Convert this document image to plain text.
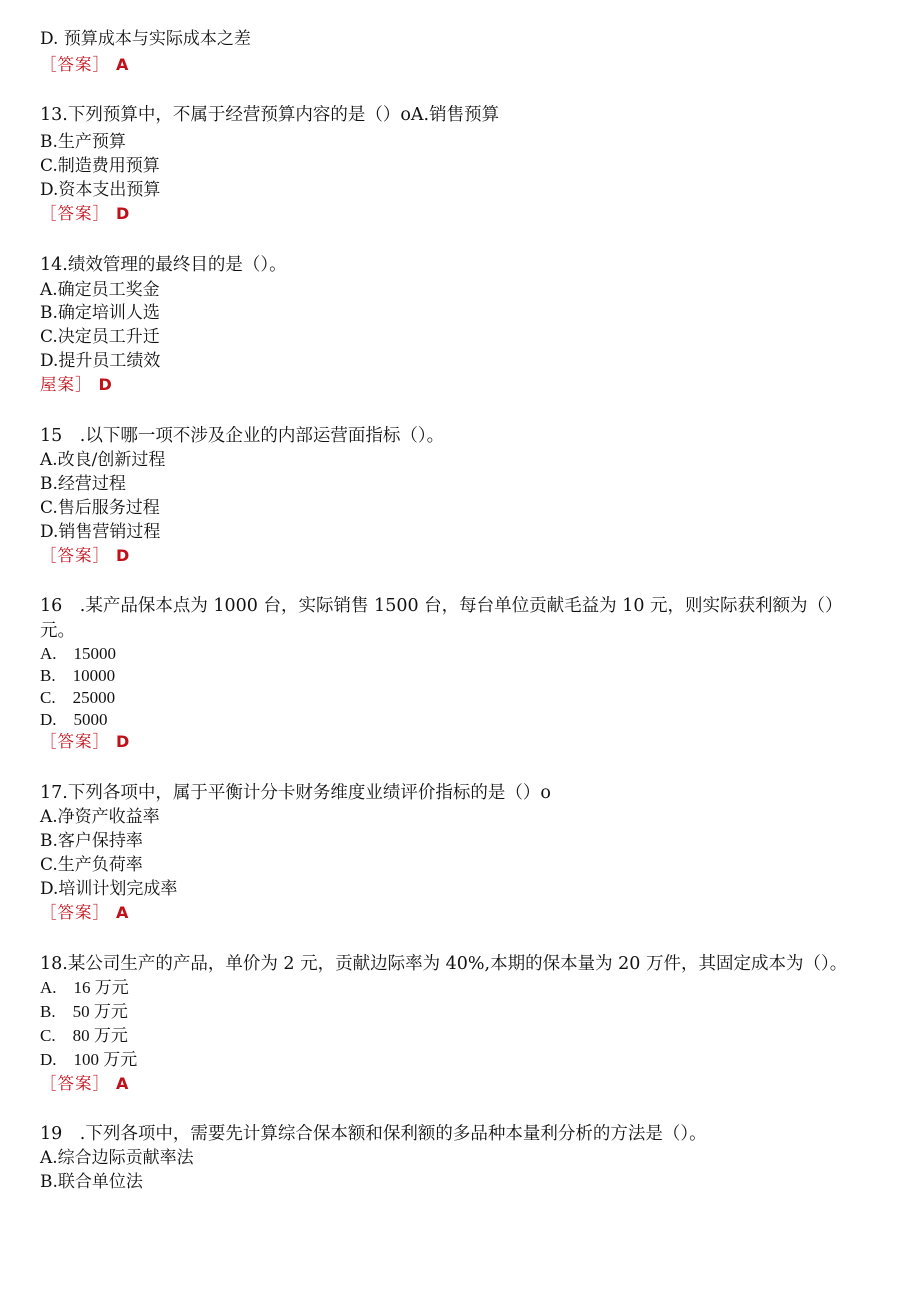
D. 预算成本与实际成本之差
［答案］ A
13.下列预算中，不属于经营预算内容的是（）oA.销售预算
B.生产预算
C.制造费用预算
D.资本支出预算
［答案］ D
14.绩效管理的最终目的是（）。
A.确定员工奖金
B.确定培训人选
C.决定员工升迁
D.提升员工绩效
屋案］ D
15　.以下哪一项不涉及企业的内部运营面指标（）。
A.改良/创新过程
B.经营过程
C.售后服务过程
D.销售营销过程
［答案］ D
16　.某产品保本点为 1000 台，实际销售 1500 台，每台单位贡献毛益为 10 元，则实际获利额为（）
元。
A.　15000
B.　10000
C.　25000
D.　5000
［答案］ D
17.下列各项中，属于平衡计分卡财务维度业绩评价指标的是（）o
A.净资产收益率
B.客户保持率
C.生产负荷率
D.培训计划完成率
［答案］ A
18.某公司生产的产品，单价为 2 元，贡献边际率为 40%,本期的保本量为 20 万件，其固定成本为（）。
A.　16 万元
B.　50 万元
C.　80 万元
D.　100 万元
［答案］ A
19　.下列各项中，需要先计算综合保本额和保利额的多品种本量利分析的方法是（）。
A.综合边际贡献率法
B.联合单位法
